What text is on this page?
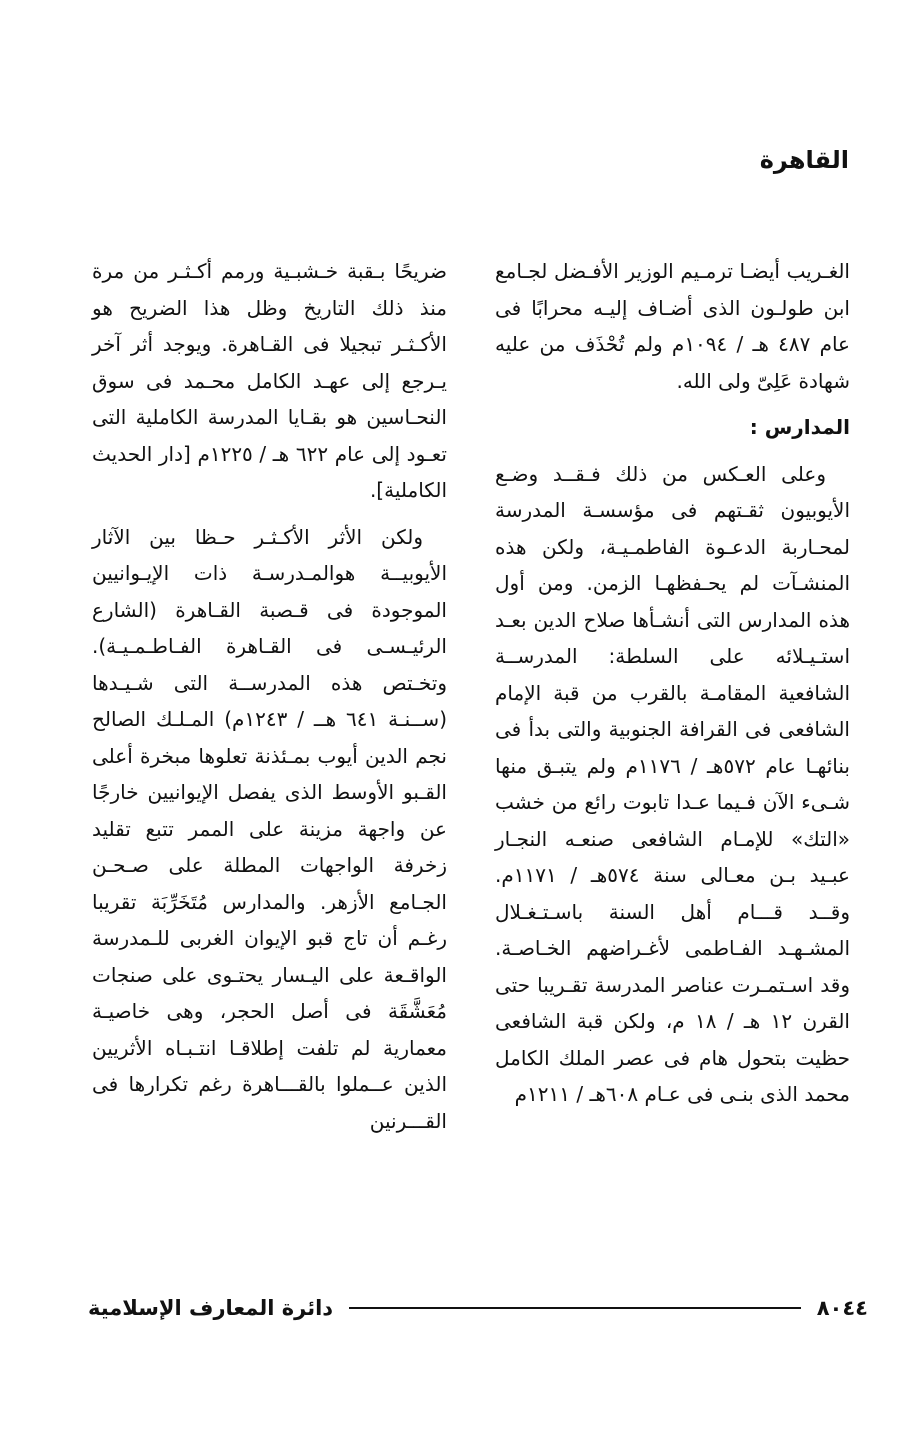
القاهرة

الغـريب أيضـا ترمـيم الوزير الأفـضل لجـامع ابن طولـون الذى أضـاف إليـه محرابًا فى عام ٤٨٧ هـ / ١٠٩٤م ولم تُحْذَف من عليه شهادة عَلِىّ ولى الله.

المدارس :

وعلى العـكس من ذلك فـقــد وضـع الأيوبيون ثقـتهم فى مؤسسـة المدرسة لمحـاربة الدعـوة الفاطمـيـة، ولكن هذه المنشـآت لم يحـفظهـا الزمن. ومن أول هذه المدارس التى أنشـأها صلاح الدين بعـد استـيـلائه على السلطة: المدرســة الشافعية المقامـة بالقرب من قبة الإمام الشافعى فى القرافة الجنوبية والتى بدأ فى بنائهـا عام ٥٧٢هـ / ١١٧٦م ولم يتبـق منها شـىء الآن فـيما عـدا تابوت رائع من خشب «التك» للإمـام الشافعى صنعـه النجـار عبـيد بـن معـالى سنة ٥٧٤هـ / ١١٧١م. وقــد قـــام أهل السنة باسـتـغـلال المشـهـد الفـاطمى لأغـراضهم الخـاصـة. وقد اسـتمـرت عناصر المدرسة تقـريبا حتى القرن ١٢ هـ / ١٨ م، ولكن قبة الشافعى حظيت بتحول هام فى عصر الملك الكامل محمد الذى بنـى فى عـام ٦٠٨هـ / ١٢١١م

ضريحًا بـقبة خـشبـية ورمم أكـثـر من مرة منذ ذلك التاريخ وظل هذا الضريح هو الأكـثـر تبجيلا فى القـاهرة. ويوجد أثر آخر يـرجع إلى عهـد الكامل محـمد فى سوق النحـاسين هو بقـايا المدرسة الكاملية التى تعـود إلى عام ٦٢٢ هـ / ١٢٢٥م [دار الحديث الكاملية].

ولكن الأثر الأكـثـر حـظا بين الآثار الأيوبيــة هوالمـدرسـة ذات الإيـوانيين الموجودة فى قـصبة القـاهرة (الشارع الرئيـسـى فى القـاهرة الفـاطـمـيـة). وتخـتص هذه المدرســة التى شـيـدها (ســنـة ٦٤١ هــ / ١٢٤٣م) المـلـك الصالح نجم الدين أيوب بمـئذنة تعلوها مبخرة أعلى القـبو الأوسط الذى يفصل الإيوانيين خارجًا عن واجهة مزينة على الممر تتبع تقليد زخرفة الواجهات المطلة على صـحـن الجـامع الأزهر. والمدارس مُتَخَرِّبَة تقريبا رغـم أن تاج قبو الإيوان الغربى للـمدرسة الواقـعة على اليـسار يحتـوى على صنجات مُعَشَّقَة فى أصل الحجر، وهى خاصيـة معمارية لم تلفت إطلاقـا انتـبـاه الأثريين الذين عــملوا بالقـــاهرة رغم تكرارها فى القـــرنين

٨٠٤٤
دائرة المعارف الإسلامية
